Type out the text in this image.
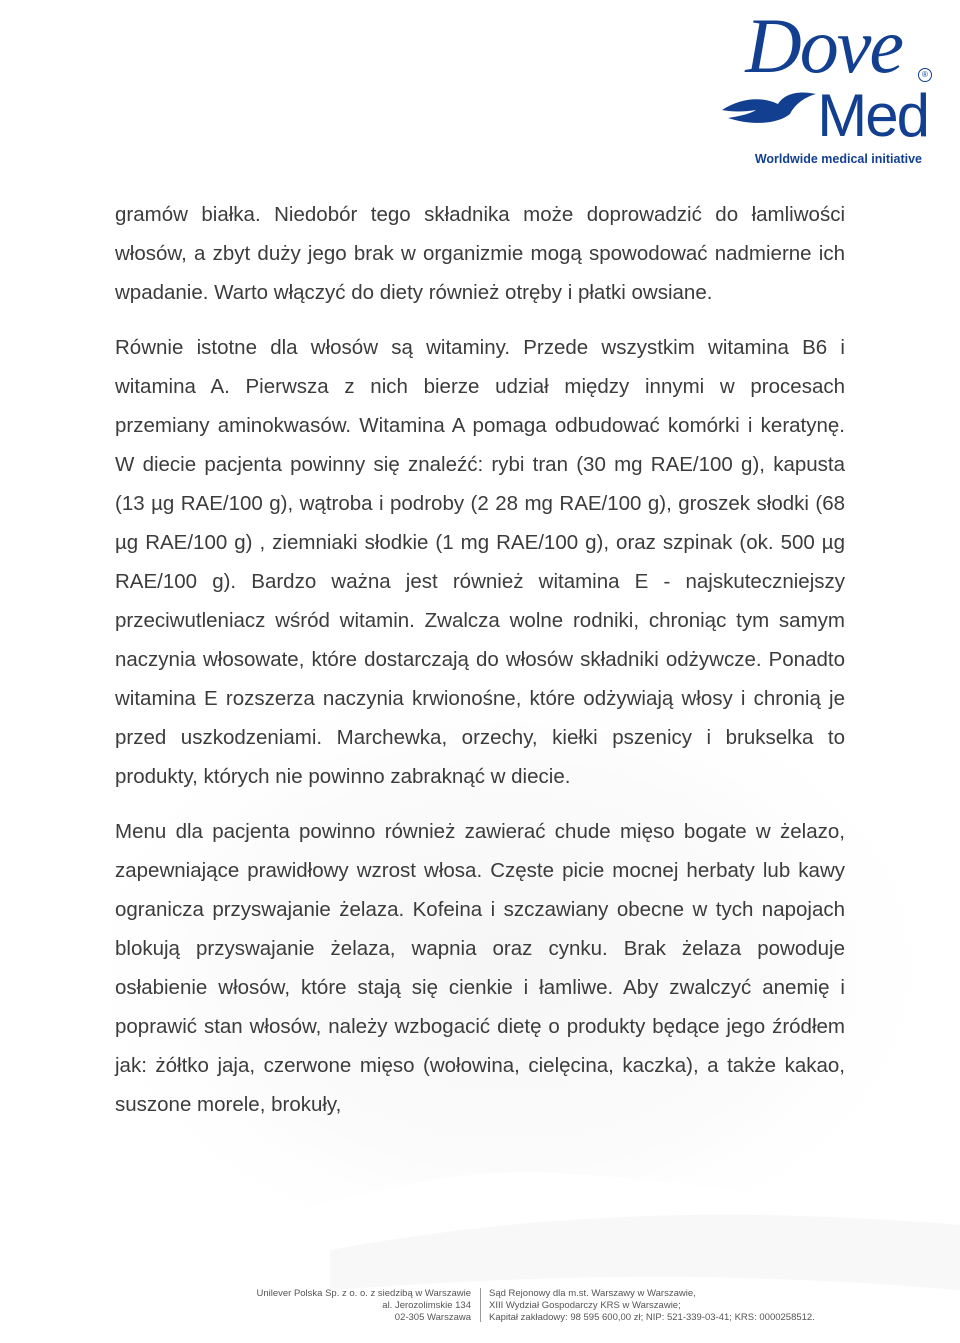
Dove	®
Med
Worldwide medical initiative

gramów białka. Niedobór tego składnika może doprowadzić do łamliwości włosów, a zbyt duży jego brak w organizmie mogą spowodować nadmierne ich wpadanie. Warto włączyć do diety również otręby i płatki owsiane.

Równie istotne dla włosów są witaminy. Przede wszystkim witamina B6 i witamina A. Pierwsza z nich bierze udział między innymi w procesach przemiany aminokwasów. Witamina A pomaga odbudować komórki i keratynę. W diecie pacjenta powinny się znaleźć: rybi tran (30 mg RAE/100 g), kapusta (13 µg RAE/100 g), wątroba i podroby (2 28 mg RAE/100 g), groszek słodki (68 µg RAE/100 g) , ziemniaki słodkie (1 mg RAE/100 g), oraz szpinak (ok. 500 µg RAE/100 g). Bardzo ważna jest również witamina E - najskuteczniejszy przeciwutleniacz wśród witamin. Zwalcza wolne rodniki, chroniąc tym samym naczynia włosowate, które dostarczają do włosów składniki odżywcze. Ponadto witamina E rozszerza naczynia krwionośne, które odżywiają włosy i chronią je przed uszkodzeniami. Marchewka, orzechy, kiełki pszenicy i brukselka to produkty, których nie powinno zabraknąć w diecie.

Menu dla pacjenta powinno również zawierać chude mięso bogate w żelazo, zapewniające prawidłowy wzrost włosa. Częste picie mocnej herbaty lub kawy ogranicza przyswajanie żelaza. Kofeina i szczawiany obecne w tych napojach blokują przyswajanie żelaza, wapnia oraz cynku. Brak żelaza powoduje osłabienie włosów, które stają się cienkie i łamliwe. Aby zwalczyć anemię i poprawić stan włosów, należy wzbogacić dietę o produkty będące jego źródłem jak: żółtko jaja, czerwone mięso (wołowina, cielęcina, kaczka), a także kakao, suszone morele, brokuły,

Unilever Polska Sp. z o. o. z siedzibą w Warszawie
al. Jerozolimskie 134
02-305 Warszawa
Sąd Rejonowy dla m.st. Warszawy w Warszawie,
XIII Wydział Gospodarczy KRS w Warszawie;
Kapitał zakładowy: 98 595 600,00 zł; NIP: 521-339-03-41; KRS: 0000258512.
